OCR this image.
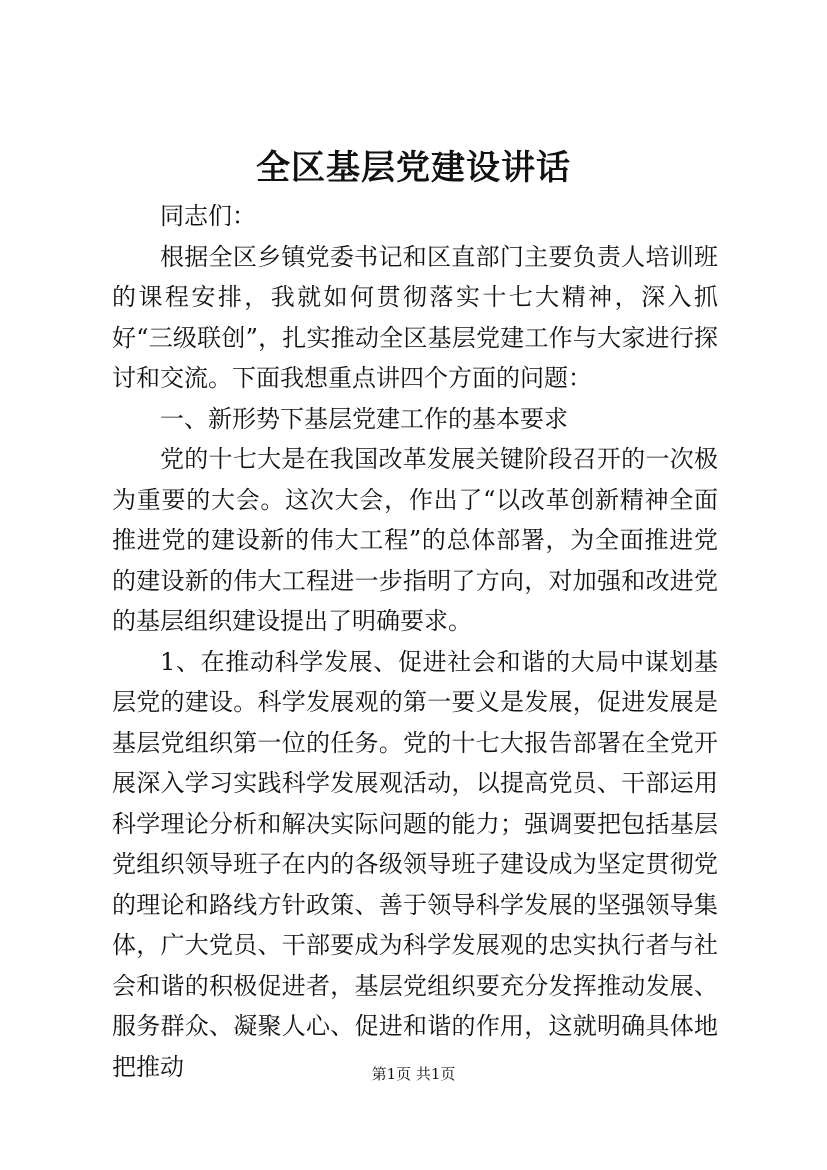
全区基层党建设讲话

同志们：

根据全区乡镇党委书记和区直部门主要负责人培训班的课程安排，我就如何贯彻落实十七大精神，深入抓好“三级联创”，扎实推动全区基层党建工作与大家进行探讨和交流。下面我想重点讲四个方面的问题：

一、新形势下基层党建工作的基本要求

党的十七大是在我国改革发展关键阶段召开的一次极为重要的大会。这次大会，作出了“以改革创新精神全面推进党的建设新的伟大工程”的总体部署，为全面推进党的建设新的伟大工程进一步指明了方向，对加强和改进党的基层组织建设提出了明确要求。

1、在推动科学发展、促进社会和谐的大局中谋划基层党的建设。科学发展观的第一要义是发展，促进发展是基层党组织第一位的任务。党的十七大报告部署在全党开展深入学习实践科学发展观活动，以提高党员、干部运用科学理论分析和解决实际问题的能力；强调要把包括基层党组织领导班子在内的各级领导班子建设成为坚定贯彻党的理论和路线方针政策、善于领导科学发展的坚强领导集体，广大党员、干部要成为科学发展观的忠实执行者与社会和谐的积极促进者，基层党组织要充分发挥推动发展、服务群众、凝聚人心、促进和谐的作用，这就明确具体地把推动	第1页 共1页
